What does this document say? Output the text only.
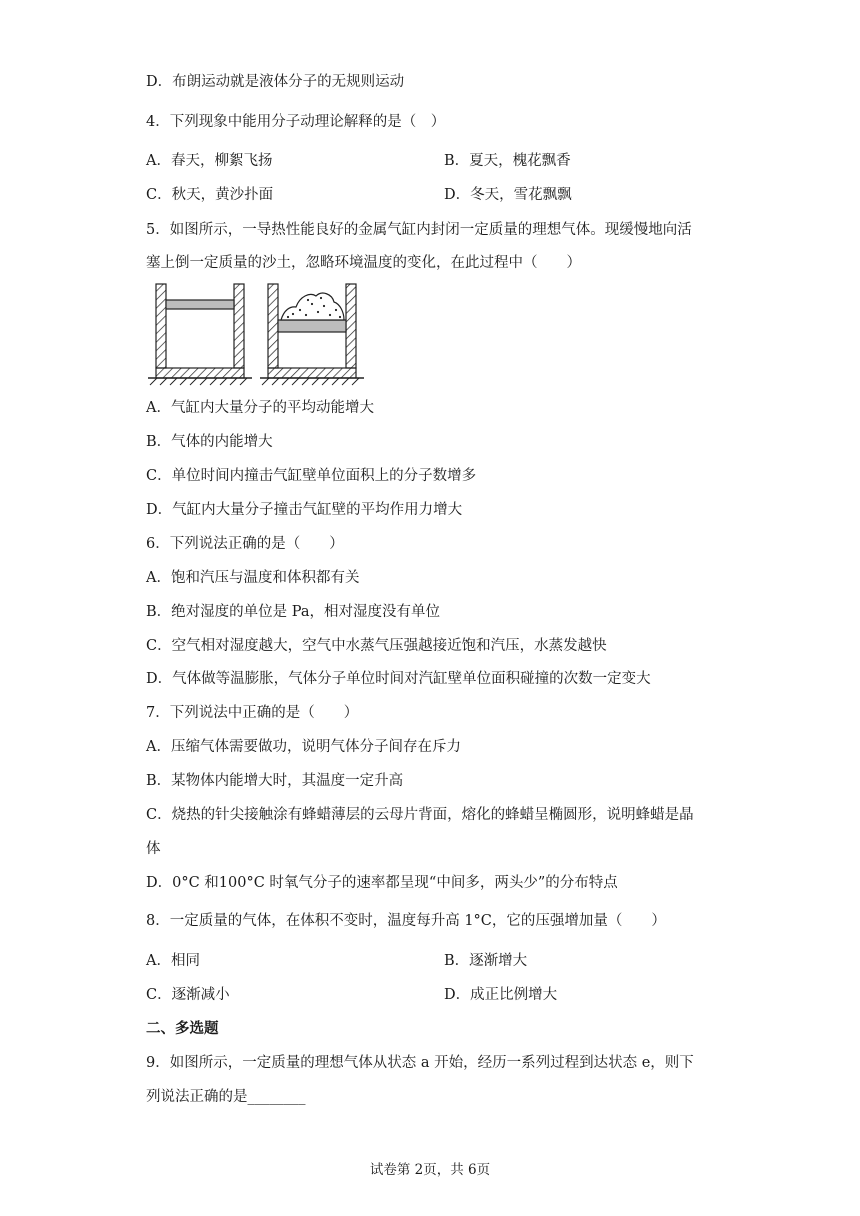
D．布朗运动就是液体分子的无规则运动
4．下列现象中能用分子动理论解释的是（　）
A．春天，柳絮飞扬	B．夏天，槐花飘香
C．秋天，黄沙扑面	D．冬天，雪花飘飘
5．如图所示，一导热性能良好的金属气缸内封闭一定质量的理想气体。现缓慢地向活
塞上倒一定质量的沙土，忽略环境温度的变化，在此过程中（　　）
A．气缸内大量分子的平均动能增大
B．气体的内能增大
C．单位时间内撞击气缸壁单位面积上的分子数增多
D．气缸内大量分子撞击气缸壁的平均作用力增大
6．下列说法正确的是（　　）
A．饱和汽压与温度和体积都有关
B．绝对湿度的单位是 Pa，相对湿度没有单位
C．空气相对湿度越大，空气中水蒸气压强越接近饱和汽压，水蒸发越快
D．气体做等温膨胀，气体分子单位时间对汽缸壁单位面积碰撞的次数一定变大
7．下列说法中正确的是（　　）
A．压缩气体需要做功，说明气体分子间存在斥力
B．某物体内能增大时，其温度一定升高
C．烧热的针尖接触涂有蜂蜡薄层的云母片背面，熔化的蜂蜡呈椭圆形，说明蜂蜡是晶
体
D．0°C 和100°C 时氧气分子的速率都呈现“中间多，两头少”的分布特点
8．一定质量的气体，在体积不变时，温度每升高 1°C，它的压强增加量（　　）
A．相同	B．逐渐增大
C．逐渐减小	D．成正比例增大
二、多选题
9．如图所示，一定质量的理想气体从状态 a 开始，经历一系列过程到达状态 e，则下
列说法正确的是________
试卷第 2页，共 6页
